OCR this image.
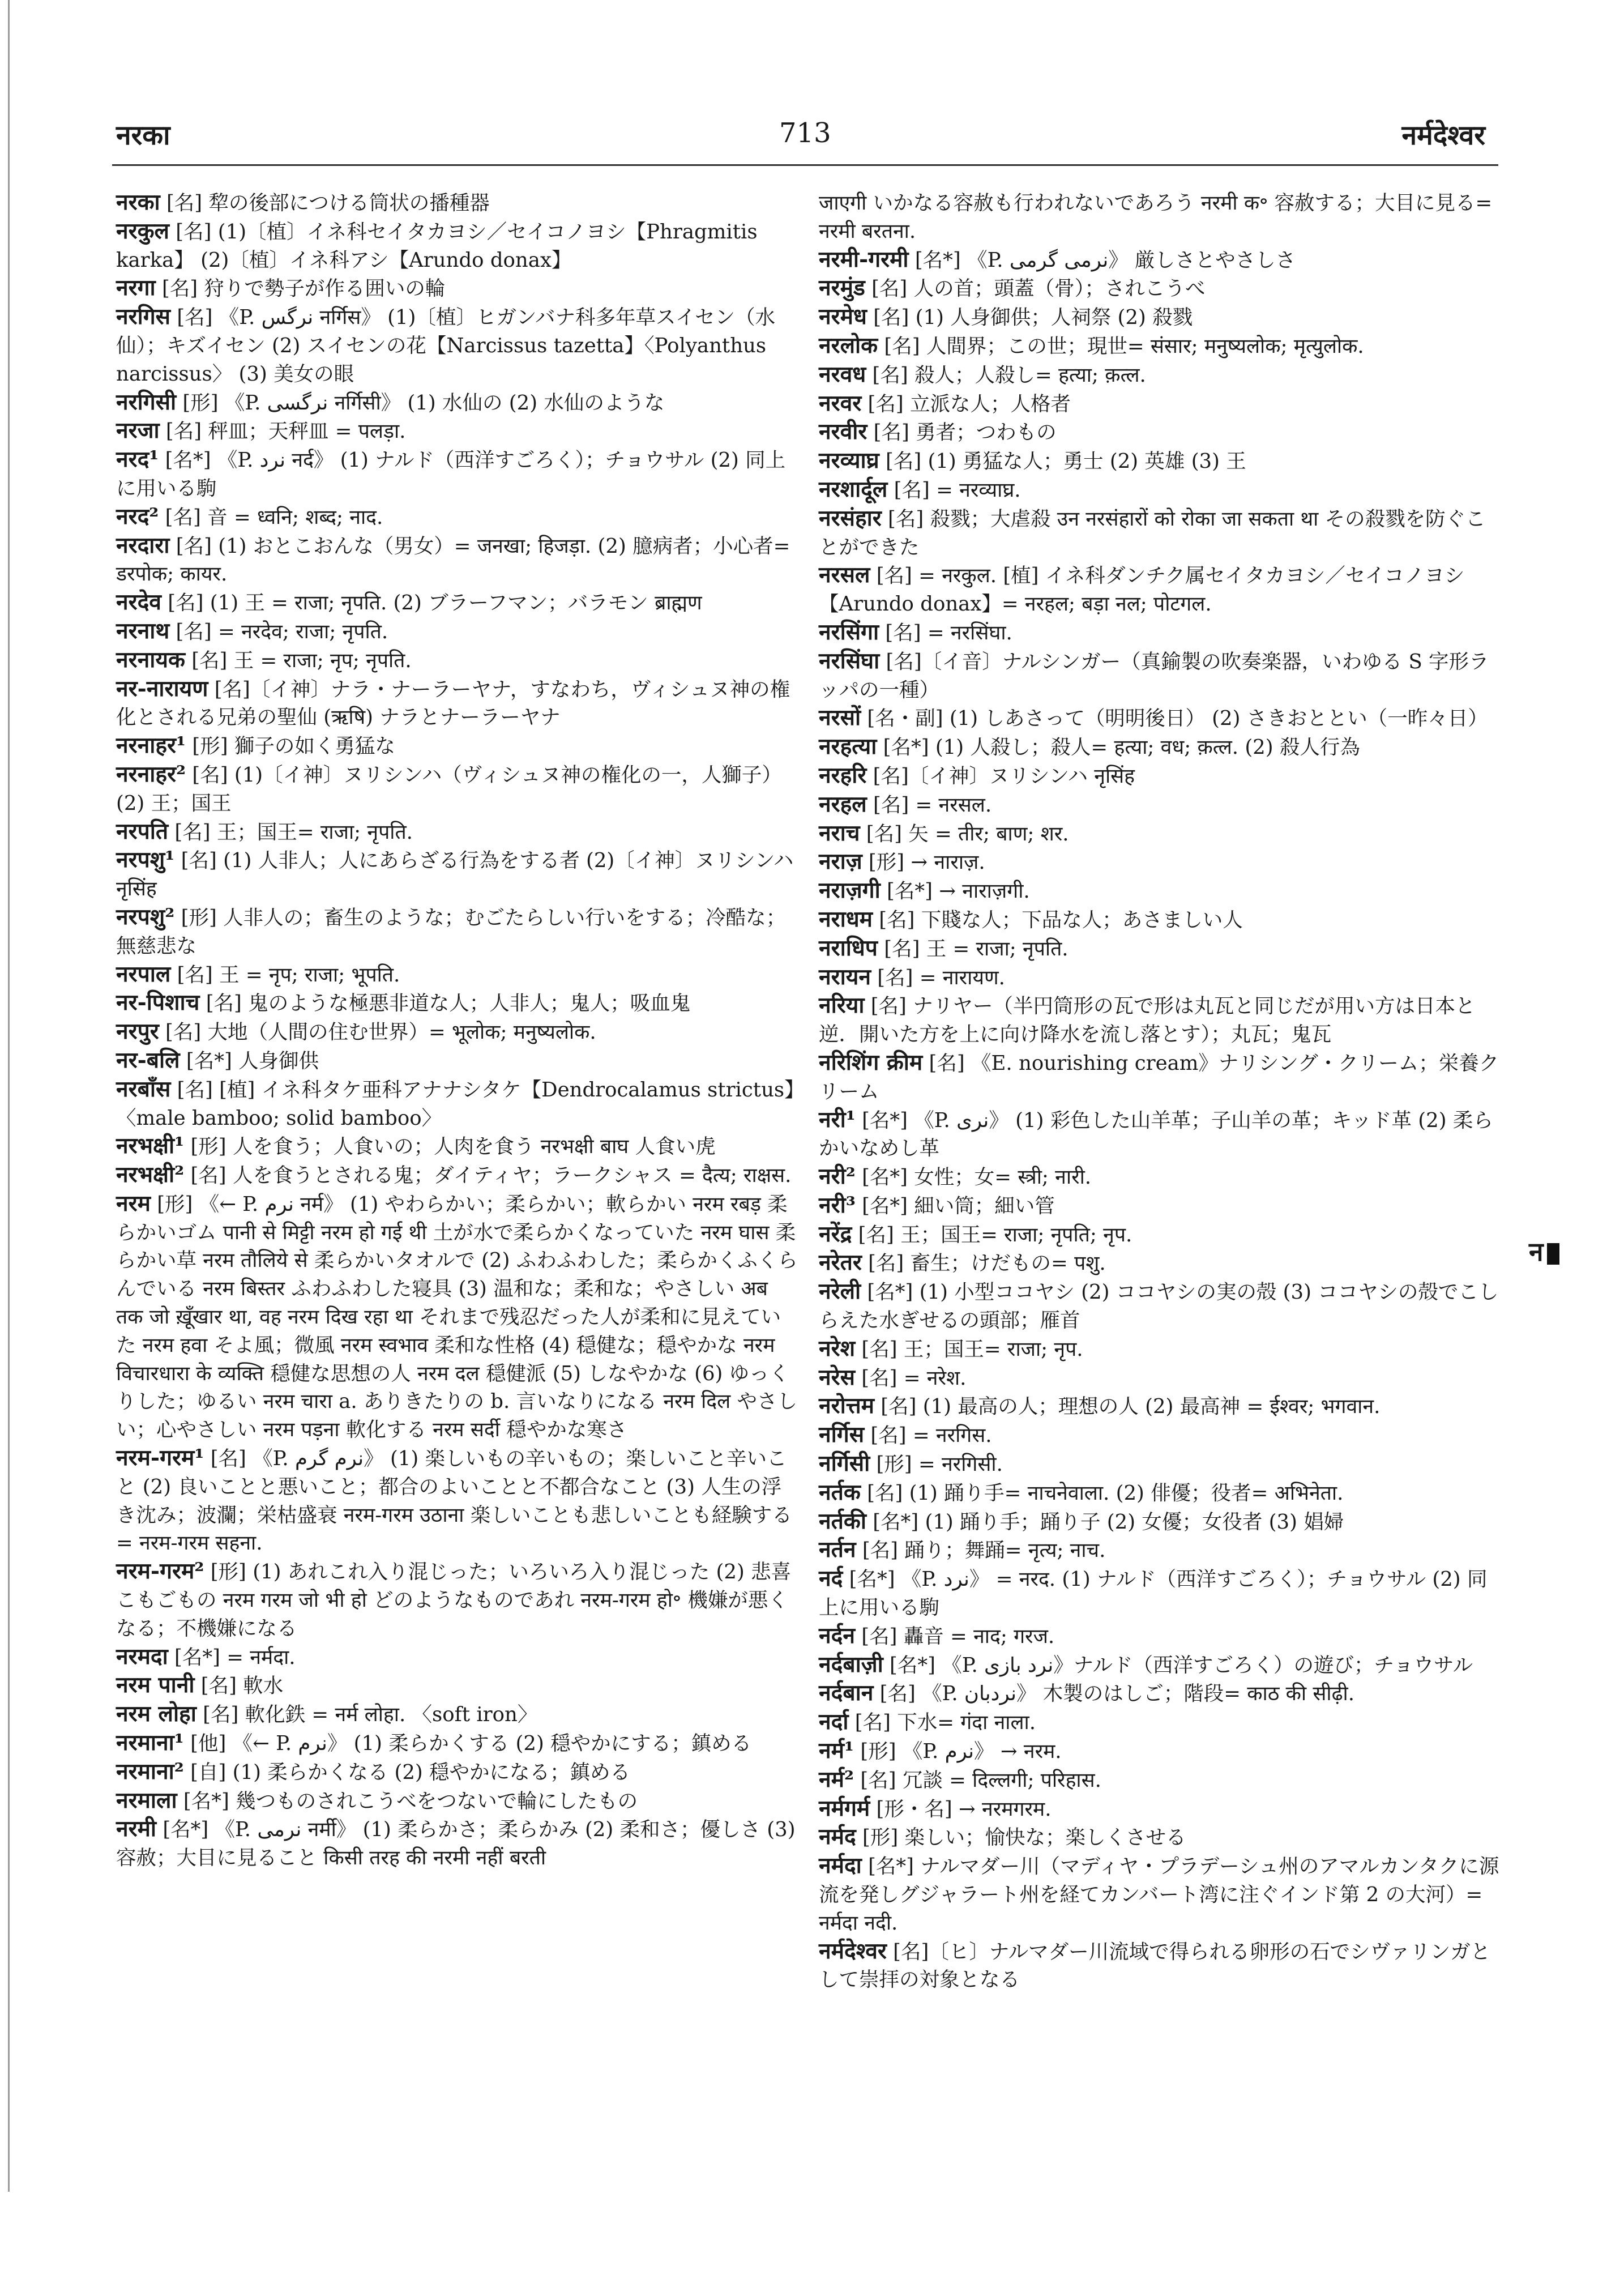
नरका	713	नर्मदेश्वर

नरका [名] 犂の後部につける筒状の播種器

नरकुल [名] (1)〔植〕イネ科セイタカヨシ／セイコノヨシ【Phragmitis karka】 (2)〔植〕イネ科アシ【Arundo donax】

नरगा [名] 狩りで勢子が作る囲いの輪

नरगिस [名] 《P. نرگس नर्गिस》 (1)〔植〕ヒガンバナ科多年草スイセン（水仙）；キズイセン (2) スイセンの花【Narcissus tazetta】〈Polyanthus narcissus〉 (3) 美女の眼

नरगिसी [形] 《P. نرگسی नर्गिसी》 (1) 水仙の (2) 水仙のような

नरजा [名] 秤皿；天秤皿 = पलड़ा.

नरद¹ [名*] 《P. نرد नर्द》 (1) ナルド（西洋すごろく）；チョウサル (2) 同上に用いる駒

नरद² [名] 音 = ध्वनि; शब्द; नाद.

नरदारा [名] (1) おとこおんな（男女）= जनखा; हिजड़ा. (2) 臆病者；小心者= डरपोक; कायर.

नरदेव [名] (1) 王 = राजा; नृपति. (2) ブラーフマン；バラモン ब्राह्मण

नरनाथ [名] = नरदेव; राजा; नृपति.

नरनायक [名] 王 = राजा; नृप; नृपति.

नर-नारायण [名]〔イ神〕ナラ・ナーラーヤナ，すなわち，ヴィシュヌ神の権化とされる兄弟の聖仙 (ऋषि) ナラとナーラーヤナ

नरनाहर¹ [形] 獅子の如く勇猛な

नरनाहर² [名] (1)〔イ神〕ヌリシンハ（ヴィシュヌ神の権化の一，人獅子） (2) 王；国王

नरपति [名] 王；国王= राजा; नृपति.

नरपशु¹ [名] (1) 人非人；人にあらざる行為をする者 (2)〔イ神〕ヌリシンハ नृसिंह

नरपशु² [形] 人非人の；畜生のような；むごたらしい行いをする；冷酷な；無慈悲な

नरपाल [名] 王 = नृप; राजा; भूपति.

नर-पिशाच [名] 鬼のような極悪非道な人；人非人；鬼人；吸血鬼

नरपुर [名] 大地（人間の住む世界）= भूलोक; मनुष्यलोक.

नर-बलि [名*] 人身御供

नरबाँस [名] [植] イネ科タケ亜科アナナシタケ【Dendrocalamus strictus】〈male bamboo; solid bamboo〉

नरभक्षी¹ [形] 人を食う；人食いの；人肉を食う नरभक्षी बाघ 人食い虎

नरभक्षी² [名] 人を食うとされる鬼；ダイティヤ；ラークシャス = दैत्य; राक्षस.

नरम [形] 《← P. نرم नर्म》 (1) やわらかい；柔らかい；軟らかい नरम रबड़ 柔らかいゴム पानी से मिट्टी नरम हो गई थी 土が水で柔らかくなっていた नरम घास 柔らかい草 नरम तौलिये से 柔らかいタオルで (2) ふわふわした；柔らかくふくらんでいる नरम बिस्तर ふわふわした寝具 (3) 温和な；柔和な；やさしい अब तक जो ख़ूँखार था, वह नरम दिख रहा था それまで残忍だった人が柔和に見えていた नरम हवा そよ風；微風 नरम स्वभाव 柔和な性格 (4) 穏健な；穏やかな नरम विचारधारा के व्यक्ति 穏健な思想の人 नरम दल 穏健派 (5) しなやかな (6) ゆっくりした；ゆるい नरम चारा a. ありきたりの b. 言いなりになる नरम दिल やさしい；心やさしい नरम पड़ना 軟化する नरम सर्दी 穏やかな寒さ

नरम-गरम¹ [名] 《P. نرم گرم》 (1) 楽しいもの辛いもの；楽しいこと辛いこと (2) 良いことと悪いこと；都合のよいことと不都合なこと (3) 人生の浮き沈み；波瀾；栄枯盛衰 नरम-गरम उठाना 楽しいことも悲しいことも経験する= नरम-गरम सहना.

नरम-गरम² [形] (1) あれこれ入り混じった；いろいろ入り混じった (2) 悲喜こもごもの नरम गरम जो भी हो どのようなものであれ नरम-गरम हो॰ 機嫌が悪くなる；不機嫌になる

नरमदा [名*] = नर्मदा.

नरम पानी [名] 軟水

नरम लोहा [名] 軟化鉄 = नर्म लोहा. 〈soft iron〉

नरमाना¹ [他] 《← P. نرم》 (1) 柔らかくする (2) 穏やかにする；鎮める

नरमाना² [自] (1) 柔らかくなる (2) 穏やかになる；鎮める

नरमाला [名*] 幾つものされこうべをつないで輪にしたもの

नरमी [名*] 《P. نرمی नर्मी》 (1) 柔らかさ；柔らかみ (2) 柔和さ；優しさ (3) 容赦；大目に見ること किसी तरह की नरमी नहीं बरती

जाएगी いかなる容赦も行われないであろう नरमी क॰ 容赦する；大目に見る= नरमी बरतना.

नरमी-गरमी [名*] 《P. نرمی گرمی》 厳しさとやさしさ

नरमुंड [名] 人の首；頭蓋（骨）；されこうべ

नरमेध [名] (1) 人身御供；人祠祭 (2) 殺戮

नरलोक [名] 人間界；この世；現世= संसार; मनुष्यलोक; मृत्युलोक.

नरवध [名] 殺人；人殺し= हत्या; क़त्ल.

नरवर [名] 立派な人；人格者

नरवीर [名] 勇者；つわもの

नरव्याघ्र [名] (1) 勇猛な人；勇士 (2) 英雄 (3) 王

नरशार्दूल [名] = नरव्याघ्र.

नरसंहार [名] 殺戮；大虐殺 उन नरसंहारों को रोका जा सकता था その殺戮を防ぐことができた

नरसल [名] = नरकुल. [植] イネ科ダンチク属セイタカヨシ／セイコノヨシ【Arundo donax】= नरहल; बड़ा नल; पोटगल.

नरसिंगा [名] = नरसिंघा.

नरसिंघा [名]〔イ音〕ナルシンガー（真鍮製の吹奏楽器，いわゆる S 字形ラッパの一種）

नरसों [名・副] (1) しあさって（明明後日） (2) さきおととい（一昨々日）

नरहत्या [名*] (1) 人殺し；殺人= हत्या; वध; क़त्ल. (2) 殺人行為

नरहरि [名]〔イ神〕ヌリシンハ नृसिंह

नरहल [名] = नरसल.

नराच [名] 矢 = तीर; बाण; शर.

नराज़ [形] → नाराज़.

नराज़गी [名*] → नाराज़गी.

नराधम [名] 下賤な人；下品な人；あさましい人

नराधिप [名] 王 = राजा; नृपति.

नरायन [名] = नारायण.

नरिया [名] ナリヤー（半円筒形の瓦で形は丸瓦と同じだが用い方は日本と逆．開いた方を上に向け降水を流し落とす）；丸瓦；鬼瓦

नरिशिंग क्रीम [名] 《E. nourishing cream》ナリシング・クリーム；栄養クリーム

नरी¹ [名*] 《P. نری》 (1) 彩色した山羊革；子山羊の革；キッド革 (2) 柔らかいなめし革

नरी² [名*] 女性；女= स्त्री; नारी.

नरी³ [名*] 細い筒；細い管

नरेंद्र [名] 王；国王= राजा; नृपति; नृप.

नरेतर [名] 畜生；けだもの= पशु.

नरेली [名*] (1) 小型ココヤシ (2) ココヤシの実の殻 (3) ココヤシの殻でこしらえた水ぎせるの頭部；雁首

नरेश [名] 王；国王= राजा; नृप.

नरेस [名] = नरेश.

नरोत्तम [名] (1) 最高の人；理想の人 (2) 最高神 = ईश्वर; भगवान.

नर्गिस [名] = नरगिस.

नर्गिसी [形] = नरगिसी.

नर्तक [名] (1) 踊り手= नाचनेवाला. (2) 俳優；役者= अभिनेता.

नर्तकी [名*] (1) 踊り手；踊り子 (2) 女優；女役者 (3) 娼婦

नर्तन [名] 踊り；舞踊= नृत्य; नाच.

नर्द [名*] 《P. نرد》 = नरद. (1) ナルド（西洋すごろく）；チョウサル (2) 同上に用いる駒

नर्दन [名] 轟音 = नाद; गरज.

नर्दबाज़ी [名*] 《P. نرد بازی》ナルド（西洋すごろく）の遊び；チョウサル

नर्दबान [名] 《P. نردبان》 木製のはしご；階段= काठ की सीढ़ी.

नर्दा [名] 下水= गंदा नाला.

नर्म¹ [形] 《P. نرم》 → नरम.

नर्म² [名] 冗談 = दिल्लगी; परिहास.

नर्मगर्म [形・名] → नरमगरम.

नर्मद [形] 楽しい；愉快な；楽しくさせる

नर्मदा [名*] ナルマダー川（マディヤ・プラデーシュ州のアマルカンタクに源流を発しグジャラート州を経てカンバート湾に注ぐインド第 2 の大河）= नर्मदा नदी.

नर्मदेश्वर [名]〔ヒ〕ナルマダー川流域で得られる卵形の石でシヴァリンガとして崇拝の対象となる

न
